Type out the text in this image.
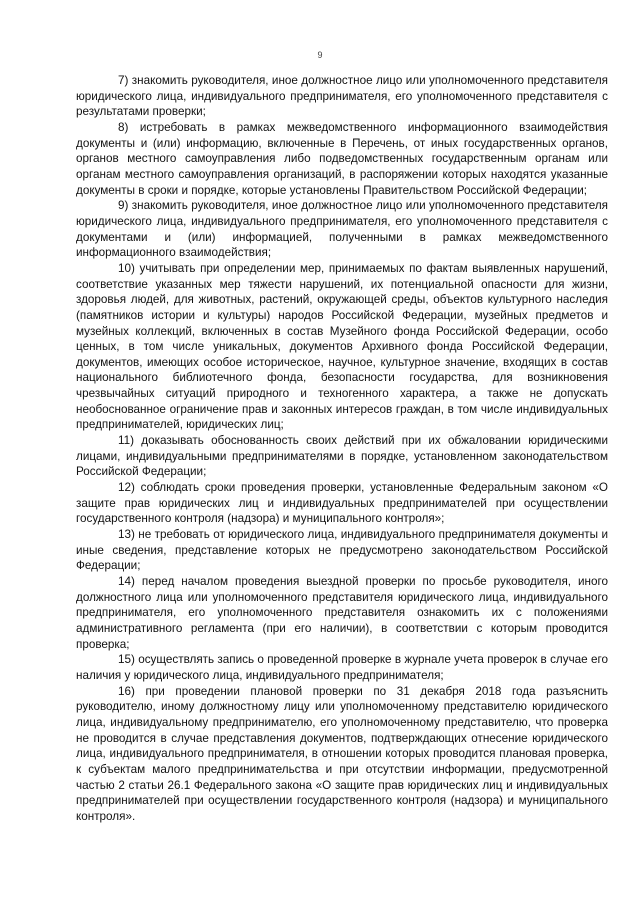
9

7) знакомить руководителя, иное должностное лицо или уполномоченного представителя юридического лица, индивидуального предпринимателя, его уполномоченного представителя с результатами проверки;

8) истребовать в рамках межведомственного информационного взаимодействия документы и (или) информацию, включенные в Перечень, от иных государственных органов, органов местного самоуправления либо подведомственных государственным органам или органам местного самоуправления организаций, в распоряжении которых находятся указанные документы в сроки и порядке, которые установлены Правительством Российской Федерации;

9) знакомить руководителя, иное должностное лицо или уполномоченного представителя юридического лица, индивидуального предпринимателя, его уполномоченного представителя с документами и (или) информацией, полученными в рамках межведомственного информационного взаимодействия;

10) учитывать при определении мер, принимаемых по фактам выявленных нарушений, соответствие указанных мер тяжести нарушений, их потенциальной опасности для жизни, здоровья людей, для животных, растений, окружающей среды, объектов культурного наследия (памятников истории и культуры) народов Российской Федерации, музейных предметов и музейных коллекций, включенных в состав Музейного фонда Российской Федерации, особо ценных, в том числе уникальных, документов Архивного фонда Российской Федерации, документов, имеющих особое историческое, научное, культурное значение, входящих в состав национального библиотечного фонда, безопасности государства, для возникновения чрезвычайных ситуаций природного и техногенного характера, а также не допускать необоснованное ограничение прав и законных интересов граждан, в том числе индивидуальных предпринимателей, юридических лиц;

11) доказывать обоснованность своих действий при их обжаловании юридическими лицами, индивидуальными предпринимателями в порядке, установленном законодательством Российской Федерации;

12) соблюдать сроки проведения проверки, установленные Федеральным законом «О защите прав юридических лиц и индивидуальных предпринимателей при осуществлении государственного контроля (надзора) и муниципального контроля»;

13) не требовать от юридического лица, индивидуального предпринимателя документы и иные сведения, представление которых не предусмотрено законодательством Российской Федерации;

14) перед началом проведения выездной проверки по просьбе руководителя, иного должностного лица или уполномоченного представителя юридического лица, индивидуального предпринимателя, его уполномоченного представителя ознакомить их с положениями административного регламента (при его наличии), в соответствии с которым проводится проверка;

15) осуществлять запись о проведенной проверке в журнале учета проверок в случае его наличия у юридического лица, индивидуального предпринимателя;

16) при проведении плановой проверки по 31 декабря 2018 года разъяснить руководителю, иному должностному лицу или уполномоченному представителю юридического лица, индивидуальному предпринимателю, его уполномоченному представителю, что проверка не проводится в случае представления документов, подтверждающих отнесение юридического лица, индивидуального предпринимателя, в отношении которых проводится плановая проверка, к субъектам малого предпринимательства и при отсутствии информации, предусмотренной частью 2 статьи 26.1 Федерального закона «О защите прав юридических лиц и индивидуальных предпринимателей при осуществлении государственного контроля (надзора) и муниципального контроля».
